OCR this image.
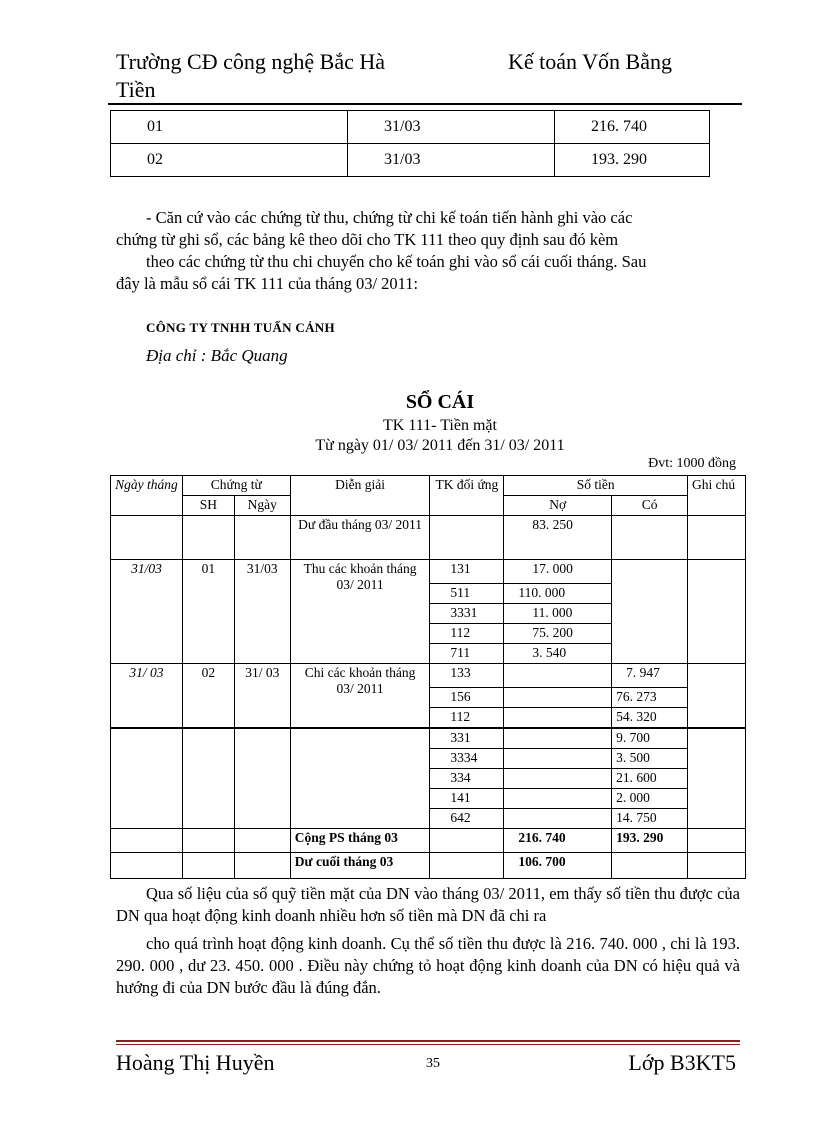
Trường CĐ công nghệ Bắc Hà
Tiền
Kế toán Vốn Bằng
01	31/03	216. 740
02	31/03	193. 290
- Căn cứ vào các chứng từ thu, chứng từ chi kế toán tiến hành ghi vào các
chứng từ ghi sổ, các bảng kê theo dõi cho TK 111 theo quy định sau đó kèm
theo các chứng từ thu chi chuyển cho kế toán ghi vào sổ cái cuối tháng. Sau
đây là mẫu sổ cái TK 111 của tháng 03/ 2011:
CÔNG TY TNHH TUẤN CẢNH
Địa chỉ : Bắc Quang
SỔ CÁI
TK 111- Tiền mặt
Từ ngày 01/ 03/ 2011 đến 31/ 03/ 2011
Đvt: 1000 đồng
Ngày tháng	Chứng từ		Diễn giải	TK đối ứng	Số tiền		Ghi chú
	SH	Ngày			Nợ	Có	
			Dư đầu tháng 03/ 2011		83. 250		
31/03	01	31/03	Thu các khoản tháng 03/ 2011	131	17. 000		
				511	110. 000		
				3331	11. 000		
				112	75. 200		
				711	3. 540		
31/ 03	02	31/ 03	Chi các khoản tháng 03/ 2011	133		7. 947	
				156		76. 273	
				112		54. 320	
				331		9. 700	
				3334		3. 500	
				334		21. 600	
				141		2. 000	
				642		14. 750	
			Cộng PS tháng 03		216. 740	193. 290	
			Dư cuối tháng 03		106. 700		

Qua số liệu của sổ quỹ tiền mặt của DN vào tháng 03/ 2011, em thấy số tiền thu được của DN qua hoạt động kinh doanh nhiều hơn số tiền mà DN đã chi ra

cho quá trình hoạt động kinh doanh. Cụ thể số tiền thu được là 216. 740. 000 , chi là 193. 290. 000 , dư 23. 450. 000 . Điều này chứng tỏ hoạt động kinh doanh của DN có hiệu quả và hướng đi của DN bước đầu là đúng đắn.

Hoàng Thị Huyền	35	Lớp B3KT5
